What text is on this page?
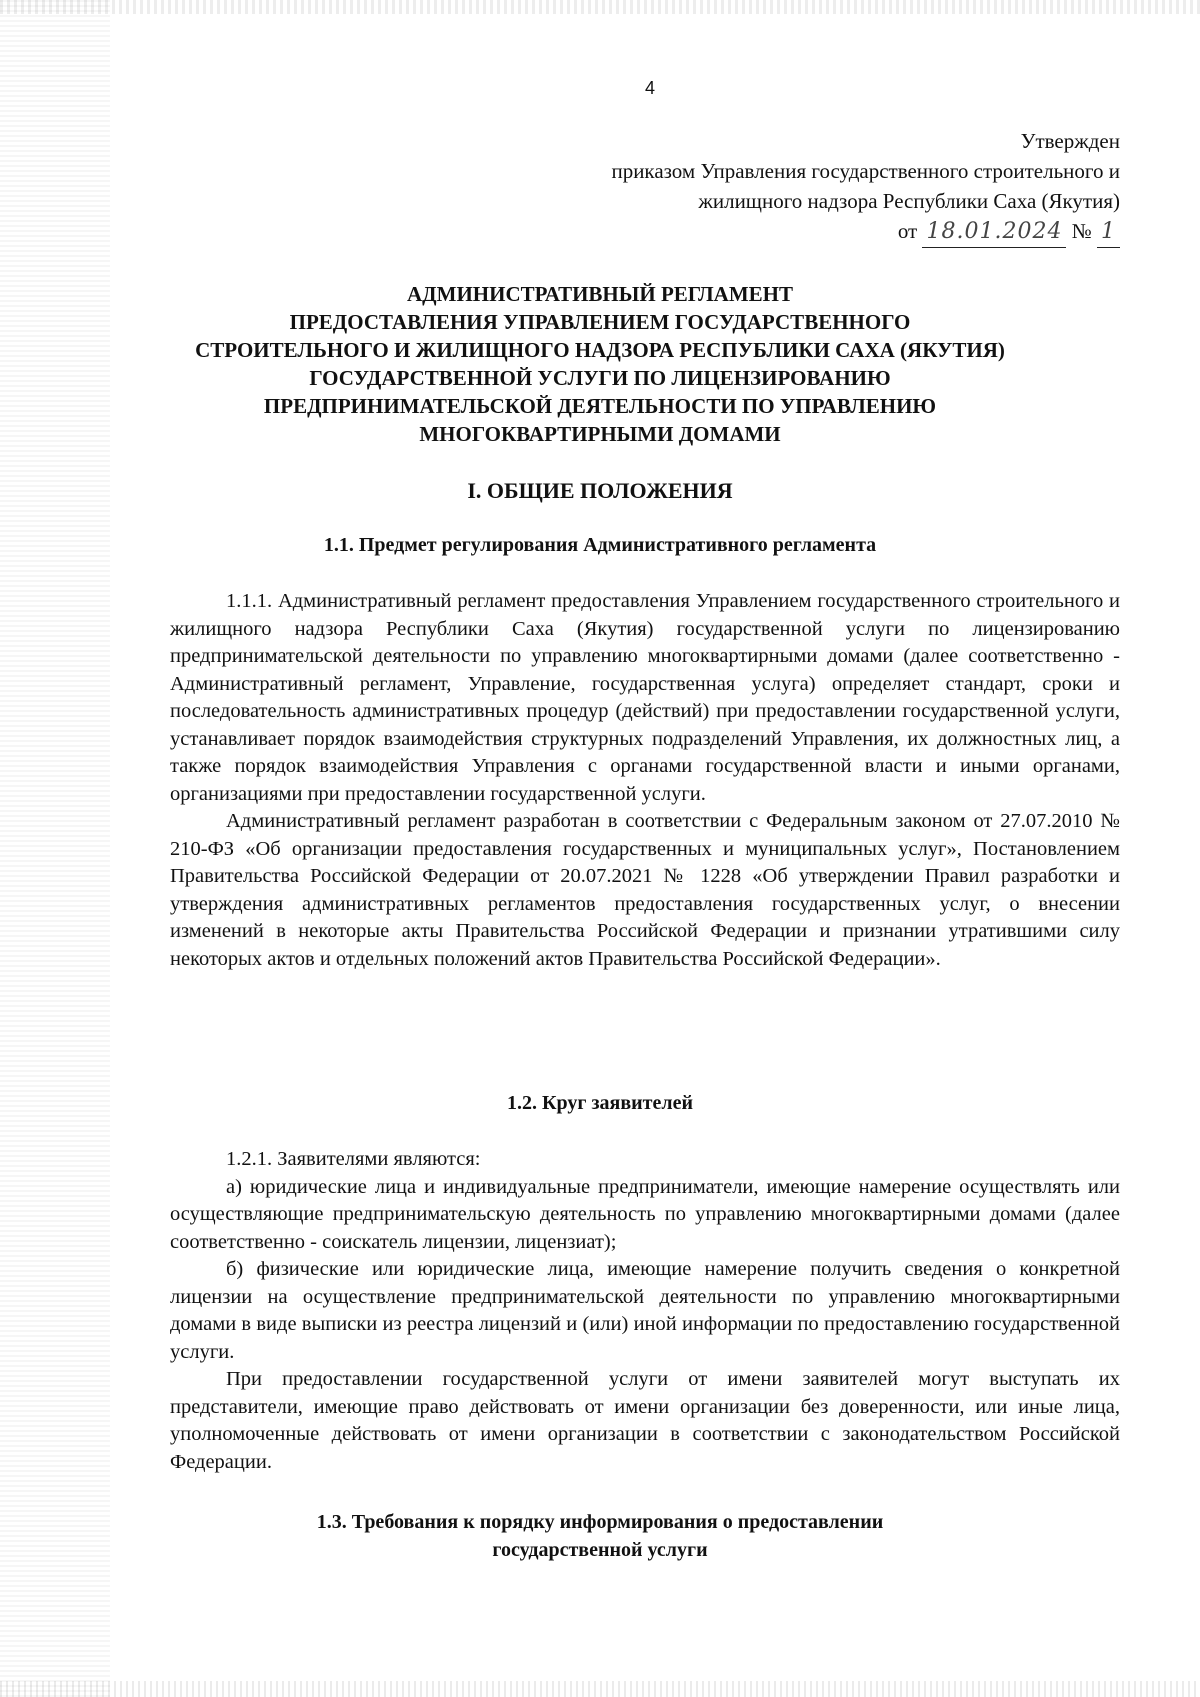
4
Утвержден
приказом Управления государственного строительного и
жилищного надзора Республики Саха (Якутия)
от 18.01.2024 № 1
АДМИНИСТРАТИВНЫЙ РЕГЛАМЕНТ
ПРЕДОСТАВЛЕНИЯ УПРАВЛЕНИЕМ ГОСУДАРСТВЕННОГО
СТРОИТЕЛЬНОГО И ЖИЛИЩНОГО НАДЗОРА РЕСПУБЛИКИ САХА (ЯКУТИЯ)
ГОСУДАРСТВЕННОЙ УСЛУГИ ПО ЛИЦЕНЗИРОВАНИЮ
ПРЕДПРИНИМАТЕЛЬСКОЙ ДЕЯТЕЛЬНОСТИ ПО УПРАВЛЕНИЮ
МНОГОКВАРТИРНЫМИ ДОМАМИ
I. ОБЩИЕ ПОЛОЖЕНИЯ
1.1. Предмет регулирования Административного регламента

1.1.1. Административный регламент предоставления Управлением государственного строительного и жилищного надзора Республики Саха (Якутия) государственной услуги по лицензированию предпринимательской деятельности по управлению многоквартирными домами (далее соответственно - Административный регламент, Управление, государственная услуга) определяет стандарт, сроки и последовательность административных процедур (действий) при предоставлении государственной услуги, устанавливает порядок взаимодействия структурных подразделений Управления, их должностных лиц, а также порядок взаимодействия Управления с органами государственной власти и иными органами, организациями при предоставлении государственной услуги.

Административный регламент разработан в соответствии с Федеральным законом от 27.07.2010 № 210-ФЗ «Об организации предоставления государственных и муниципальных услуг», Постановлением Правительства Российской Федерации от 20.07.2021 № 1228 «Об утверждении Правил разработки и утверждения административных регламентов предоставления государственных услуг, о внесении изменений в некоторые акты Правительства Российской Федерации и признании утратившими силу некоторых актов и отдельных положений актов Правительства Российской Федерации».

1.2. Круг заявителей

1.2.1. Заявителями являются:

а) юридические лица и индивидуальные предприниматели, имеющие намерение осуществлять или осуществляющие предпринимательскую деятельность по управлению многоквартирными домами (далее соответственно - соискатель лицензии, лицензиат);

б) физические или юридические лица, имеющие намерение получить сведения о конкретной лицензии на осуществление предпринимательской деятельности по управлению многоквартирными домами в виде выписки из реестра лицензий и (или) иной информации по предоставлению государственной услуги.

При предоставлении государственной услуги от имени заявителей могут выступать их представители, имеющие право действовать от имени организации без доверенности, или иные лица, уполномоченные действовать от имени организации в соответствии с законодательством Российской Федерации.

1.3. Требования к порядку информирования о предоставлении
государственной услуги
